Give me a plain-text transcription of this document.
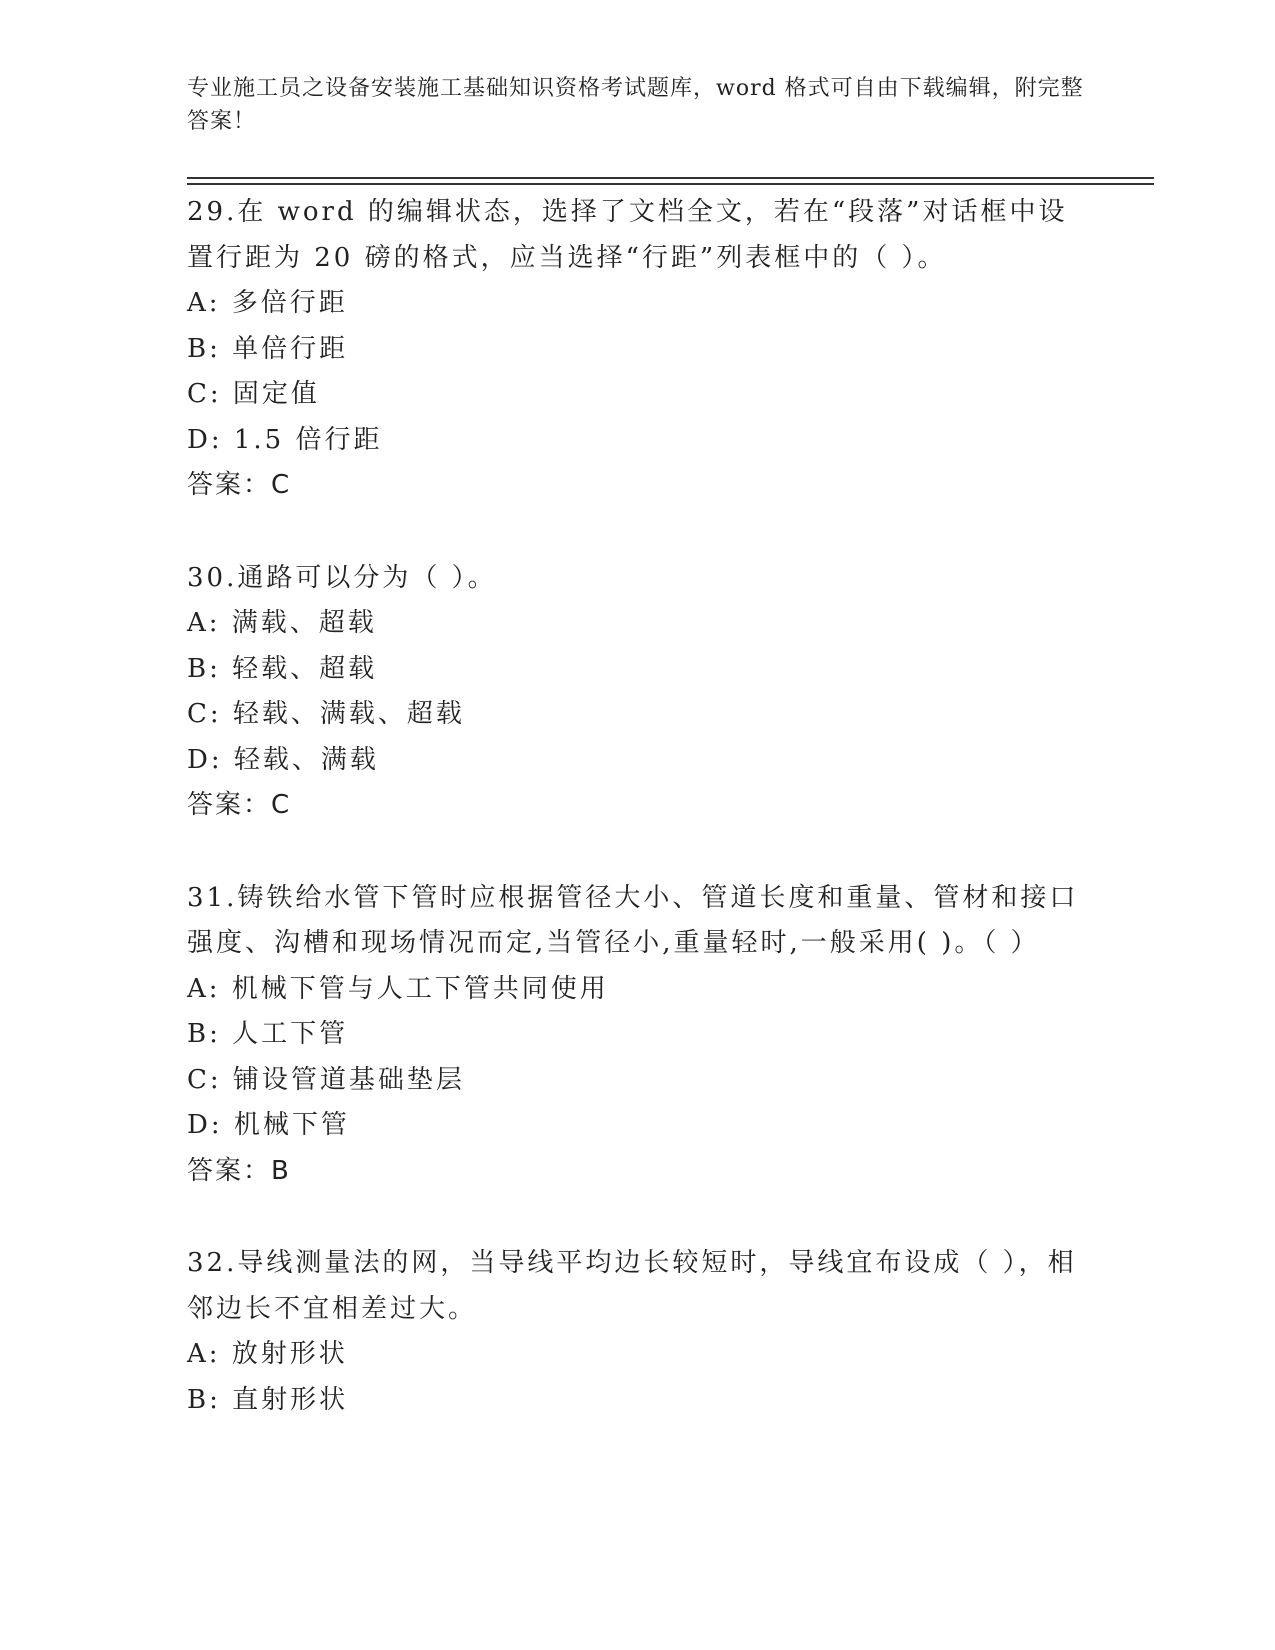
专业施工员之设备安装施工基础知识资格考试题库，word 格式可自由下载编辑，附完整答案！

29.在 word 的编辑状态，选择了文档全文，若在“段落”对话框中设置行距为 20 磅的格式，应当选择“行距”列表框中的（ ）。

A: 多倍行距

B: 单倍行距

C: 固定值

D: 1.5 倍行距

答案：C

30.通路可以分为（ ）。

A: 满载、超载

B: 轻载、超载

C: 轻载、满载、超载

D: 轻载、满载

答案：C

31.铸铁给水管下管时应根据管径大小、管道长度和重量、管材和接口强度、沟槽和现场情况而定,当管径小,重量轻时,一般采用( )。（ ）

A: 机械下管与人工下管共同使用

B: 人工下管

C: 铺设管道基础垫层

D: 机械下管

答案：B

32.导线测量法的网，当导线平均边长较短时，导线宜布设成（ ），相邻边长不宜相差过大。

A: 放射形状

B: 直射形状
